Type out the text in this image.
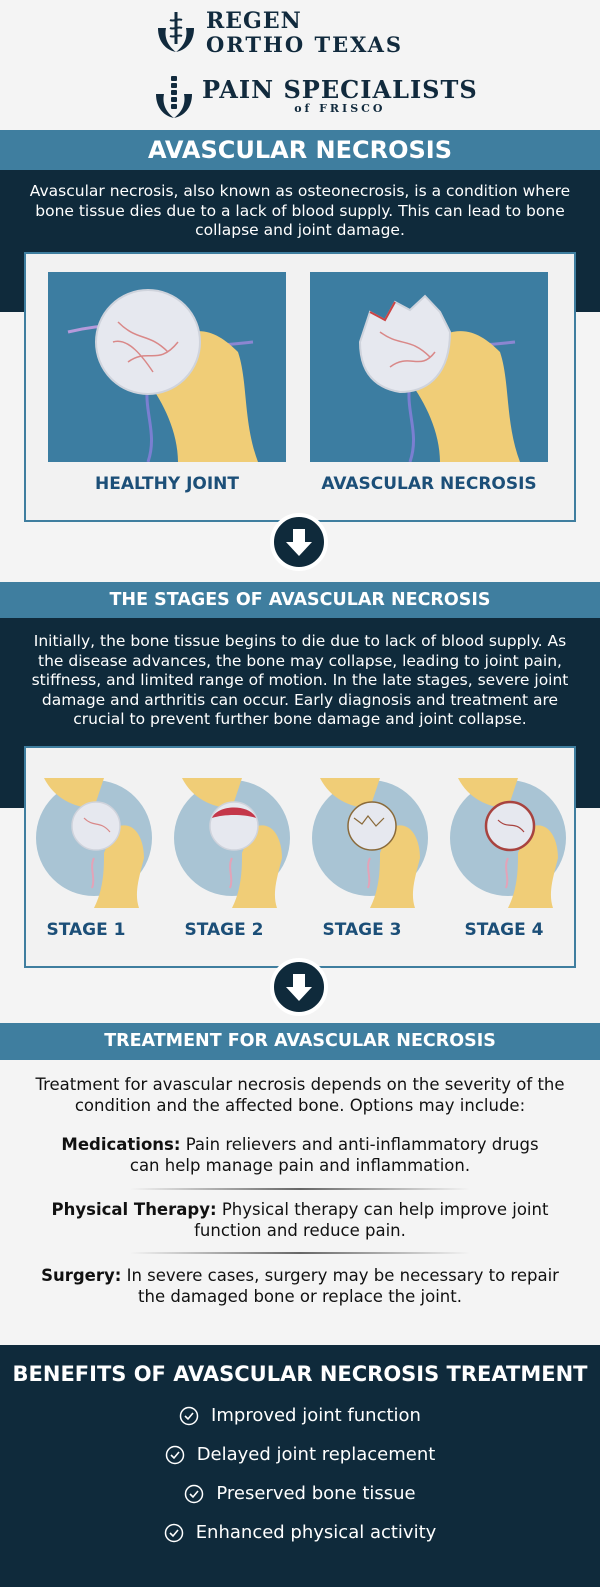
REGEN
ORTHO TEXAS
PAIN SPECIALISTS
of FRISCO
AVASCULAR NECROSIS
Avascular necrosis, also known as osteonecrosis, is a condition where bone tissue dies due to a lack of blood supply. This can lead to bone collapse and joint damage.
HEALTHY JOINT	AVASCULAR NECROSIS
THE STAGES OF AVASCULAR NECROSIS
Initially, the bone tissue begins to die due to lack of blood supply. As the disease advances, the bone may collapse, leading to joint pain, stiffness, and limited range of motion. In the late stages, severe joint damage and arthritis can occur. Early diagnosis and treatment are crucial to prevent further bone damage and joint collapse.
STAGE 1	STAGE 2	STAGE 3	STAGE 4
TREATMENT FOR AVASCULAR NECROSIS
Treatment for avascular necrosis depends on the severity of the condition and the affected bone. Options may include:
Medications: Pain relievers and anti-inflammatory drugs can help manage pain and inflammation.
Physical Therapy: Physical therapy can help improve joint function and reduce pain.
Surgery: In severe cases, surgery may be necessary to repair the damaged bone or replace the joint.
BENEFITS OF AVASCULAR NECROSIS TREATMENT
Improved joint function
Delayed joint replacement
Preserved bone tissue
Enhanced physical activity
